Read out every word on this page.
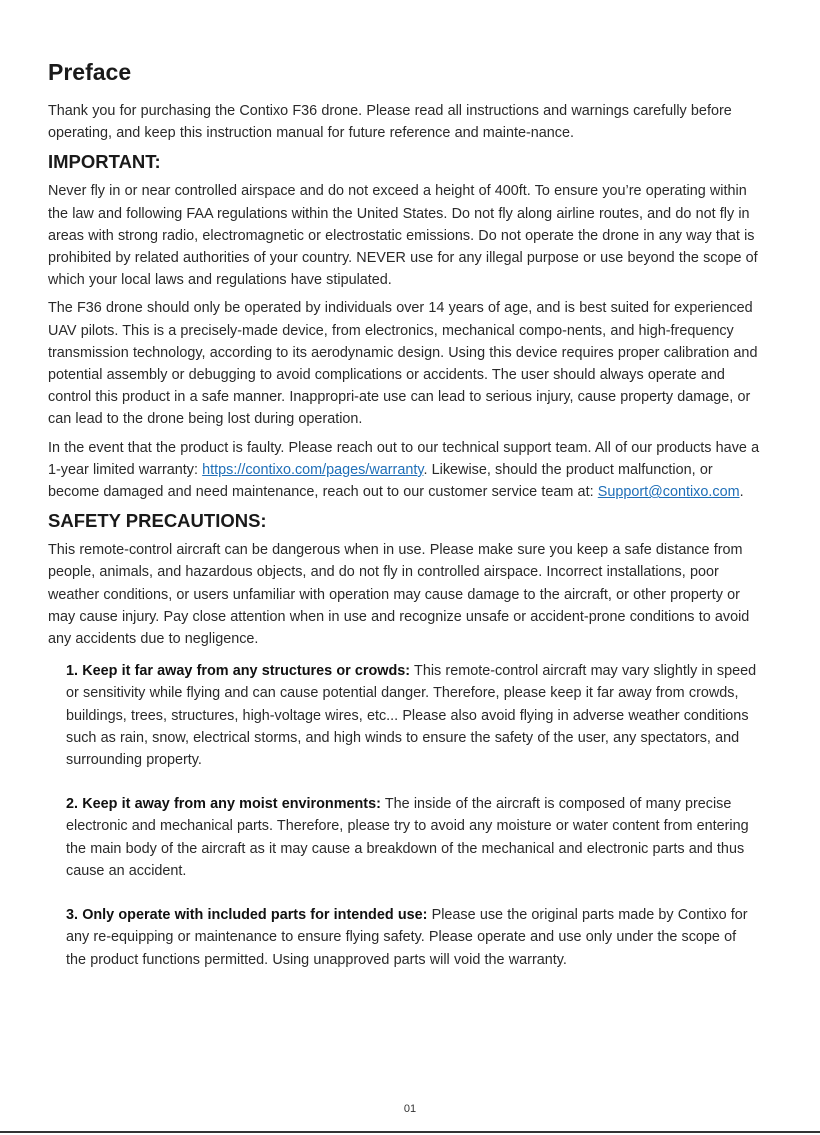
Preface

Thank you for purchasing the Contixo F36 drone. Please read all instructions and warnings carefully before operating, and keep this instruction manual for future reference and mainte-nance.

IMPORTANT:

Never fly in or near controlled airspace and do not exceed a height of 400ft. To ensure you’re operating within the law and following FAA regulations within the United States. Do not fly along airline routes, and do not fly in areas with strong radio, electromagnetic or electrostatic emissions. Do not operate the drone in any way that is prohibited by related authorities of your country. NEVER use for any illegal purpose or use beyond the scope of which your local laws and regulations have stipulated.

The F36 drone should only be operated by individuals over 14 years of age, and is best suited for experienced UAV pilots. This is a precisely-made device, from electronics, mechanical compo-nents, and high-frequency transmission technology, according to its aerodynamic design. Using this device requires proper calibration and potential assembly or debugging to avoid complications or accidents. The user should always operate and control this product in a safe manner. Inappropri-ate use can lead to serious injury, cause property damage, or can lead to the drone being lost during operation.

In the event that the product is faulty. Please reach out to our technical support team. All of our products have a 1-year limited warranty: https://contixo.com/pages/warranty. Likewise, should the product malfunction, or become damaged and need maintenance, reach out to our customer service team at: Support@contixo.com.

SAFETY PRECAUTIONS:

This remote-control aircraft can be dangerous when in use. Please make sure you keep a safe distance from people, animals, and hazardous objects, and do not fly in controlled airspace. Incorrect installations, poor weather conditions, or users unfamiliar with operation may cause damage to the aircraft, or other property or may cause injury. Pay close attention when in use and recognize unsafe or accident-prone conditions to avoid any accidents due to negligence.

1. Keep it far away from any structures or crowds: This remote-control aircraft may vary slightly in speed or sensitivity while flying and can cause potential danger. Therefore, please keep it far away from crowds, buildings, trees, structures, high-voltage wires, etc... Please also avoid flying in adverse weather conditions such as rain, snow, electrical storms, and high winds to ensure the safety of the user, any spectators, and surrounding property.

2. Keep it away from any moist environments: The inside of the aircraft is composed of many precise electronic and mechanical parts. Therefore, please try to avoid any moisture or water content from entering the main body of the aircraft as it may cause a breakdown of the mechanical and electronic parts and thus cause an accident.

3. Only operate with included parts for intended use: Please use the original parts made by Contixo for any re-equipping or maintenance to ensure flying safety. Please operate and use only under the scope of the product functions permitted. Using unapproved parts will void the warranty.

01
